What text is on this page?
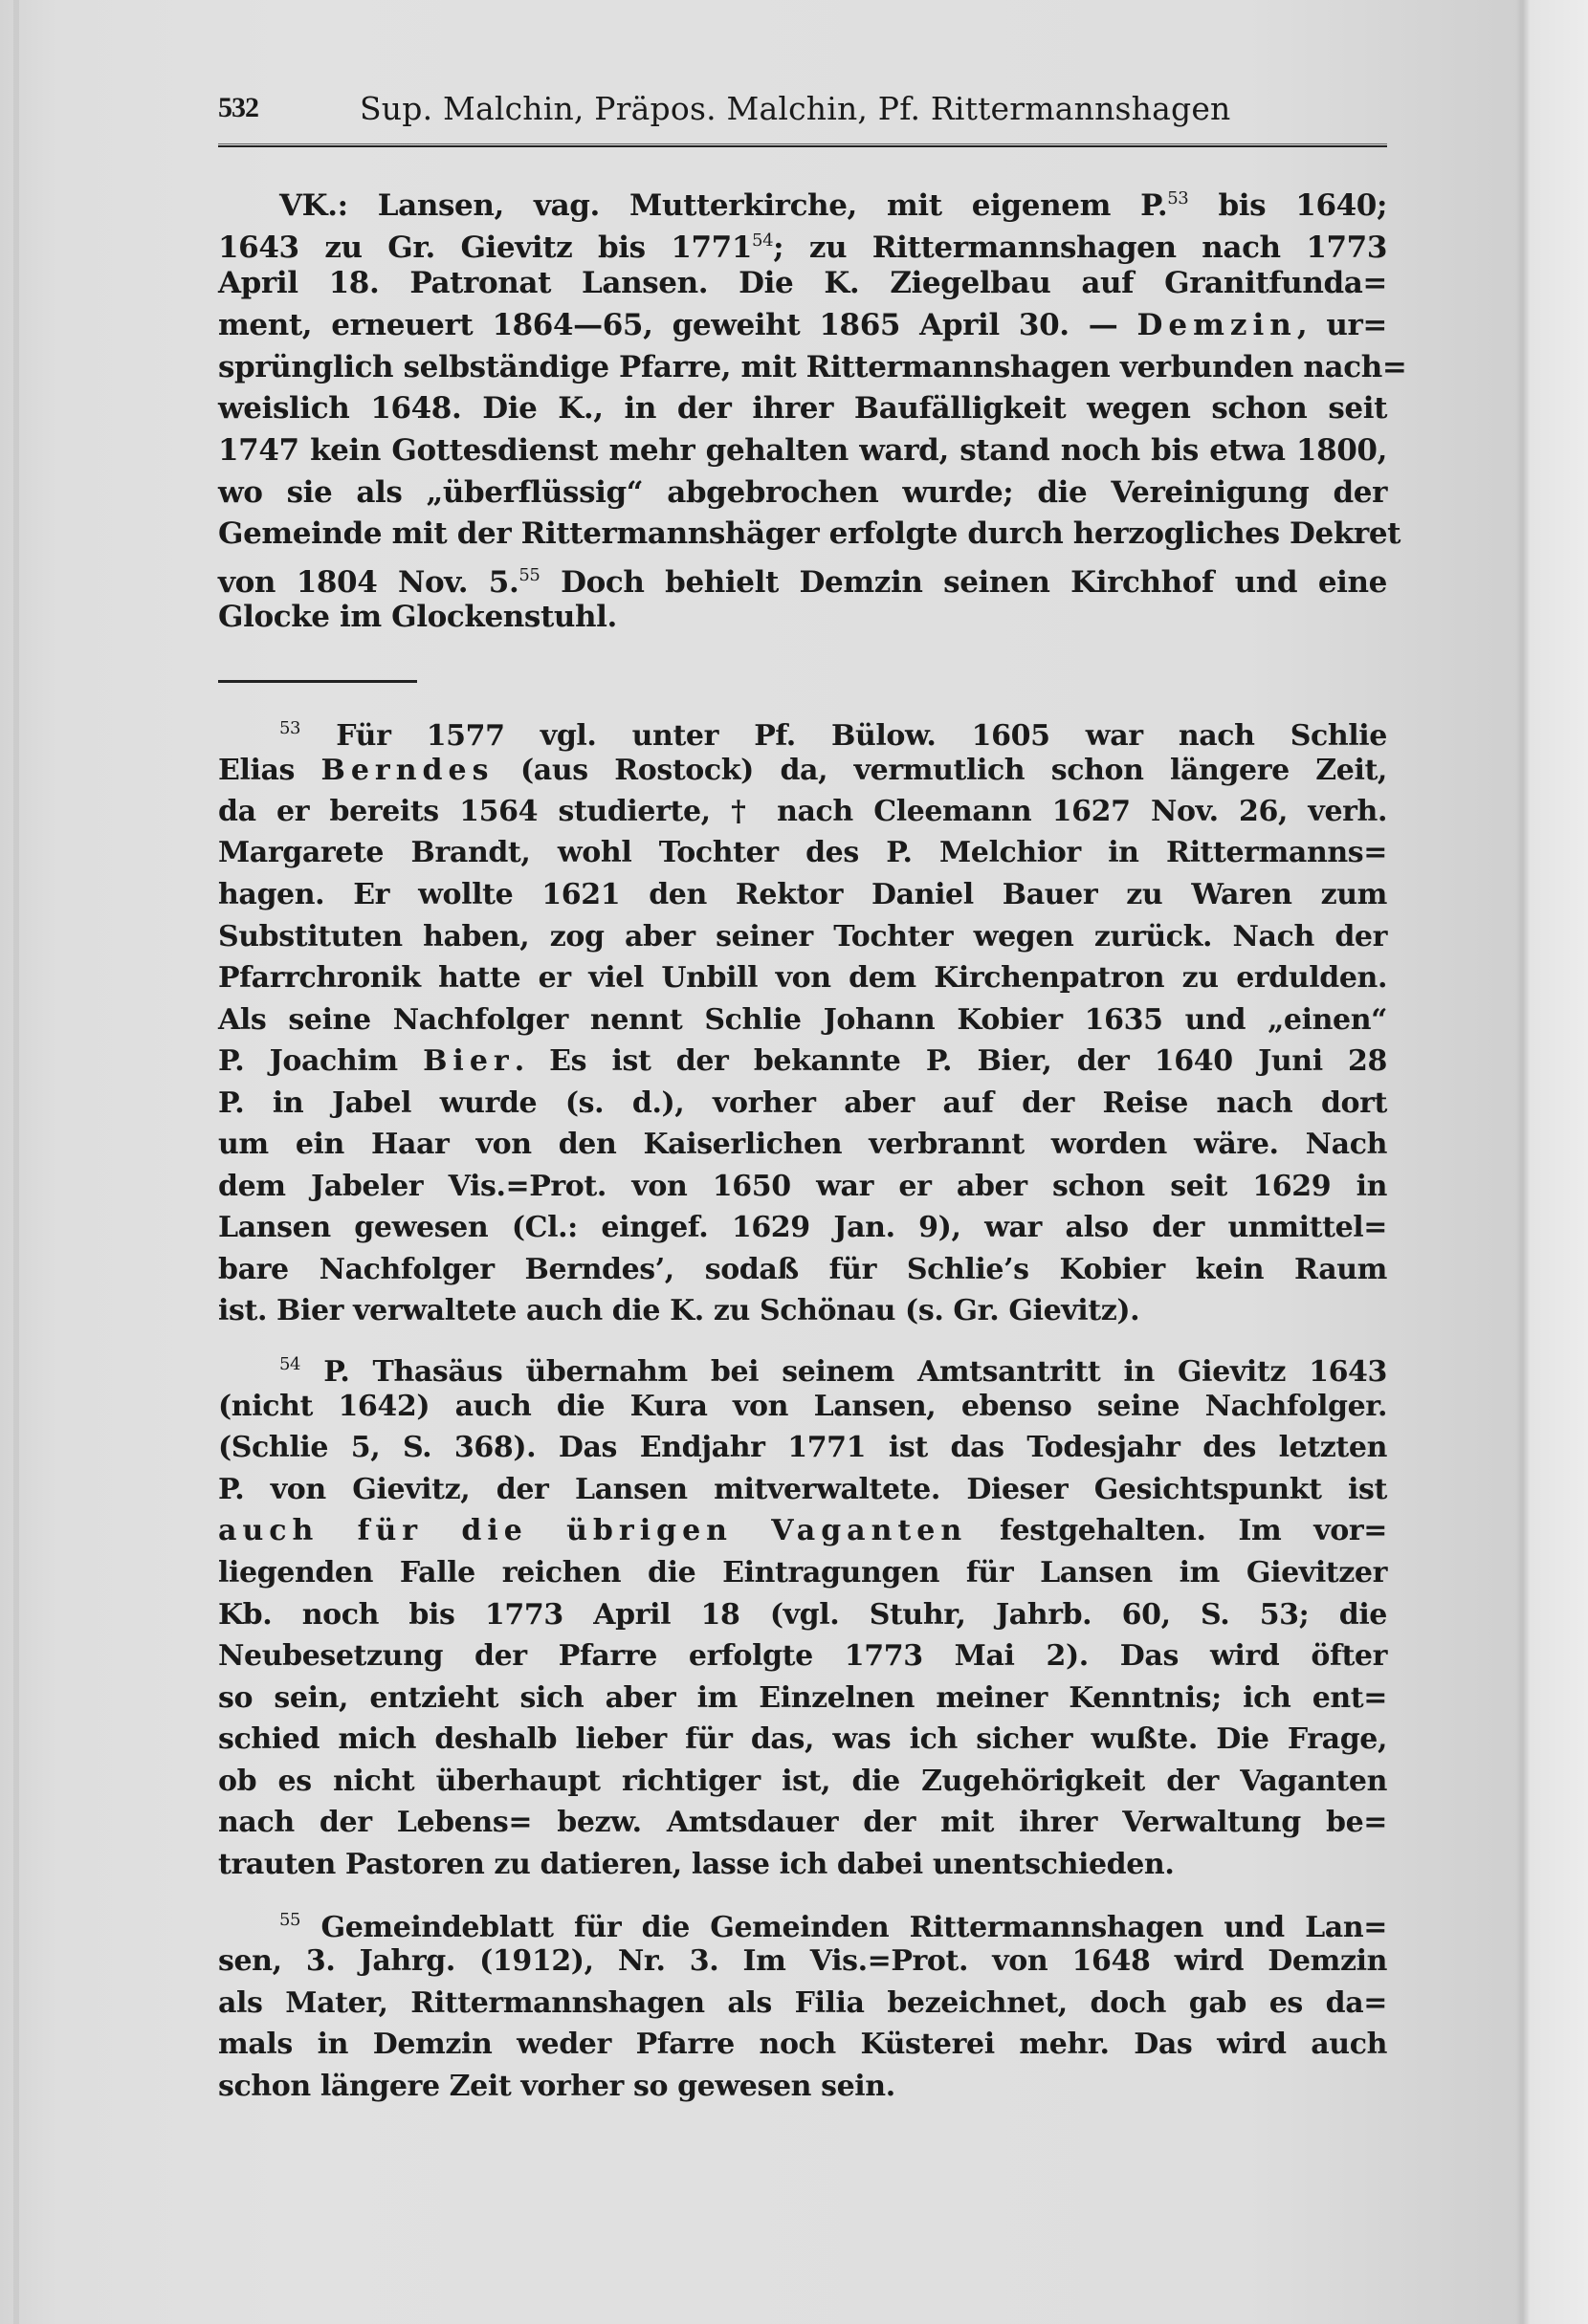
532	Sup. Malchin, Präpos. Malchin, Pf. Rittermannshagen
VK.: Lansen, vag. Mutterkirche, mit eigenem P.$^{53}$ bis 1640;
1643 zu Gr. Gievitz bis 1771$^{54}$; zu Rittermannshagen nach 1773
April 18. Patronat Lansen. Die K. Ziegelbau auf Granitfunda=
ment, erneuert 1864—65, geweiht 1865 April 30. — Demzin, ur=
sprünglich selbständige Pfarre, mit Rittermannshagen verbunden nach=
weislich 1648. Die K., in der ihrer Baufälligkeit wegen schon seit
1747 kein Gottesdienst mehr gehalten ward, stand noch bis etwa 1800,
wo sie als „überflüssig“ abgebrochen wurde; die Vereinigung der
Gemeinde mit der Rittermannshäger erfolgte durch herzogliches Dekret
von 1804 Nov. 5.55 Doch behielt Demzin seinen Kirchhof und eine
Glocke im Glockenstuhl.
$^{53}$ Für 1577 vgl. unter Pf. Bülow. 1605 war nach Schlie
Elias Berndes (aus Rostock) da, vermutlich schon längere Zeit,
da er bereits 1564 studierte, † nach Cleemann 1627 Nov. 26, verh.
Margarete Brandt, wohl Tochter des P. Melchior in Rittermanns=
hagen. Er wollte 1621 den Rektor Daniel Bauer zu Waren zum
Substituten haben, zog aber seiner Tochter wegen zurück. Nach der
Pfarrchronik hatte er viel Unbill von dem Kirchenpatron zu erdulden.
Als seine Nachfolger nennt Schlie Johann Kobier 1635 und „einen“
P. Joachim Bier. Es ist der bekannte P. Bier, der 1640 Juni 28
P. in Jabel wurde (s. d.), vorher aber auf der Reise nach dort
um ein Haar von den Kaiserlichen verbrannt worden wäre. Nach
dem Jabeler Vis.=Prot. von 1650 war er aber schon seit 1629 in
Lansen gewesen (Cl.: eingef. 1629 Jan. 9), war also der unmittel=
bare Nachfolger Berndes’, sodaß für Schlie’s Kobier kein Raum
ist. Bier verwaltete auch die K. zu Schönau (s. Gr. Gievitz).
$^{54}$ P. Thasäus übernahm bei seinem Amtsantritt in Gievitz 1643
(nicht 1642) auch die Kura von Lansen, ebenso seine Nachfolger.
(Schlie 5, S. 368). Das Endjahr 1771 ist das Todesjahr des letzten
P. von Gievitz, der Lansen mitverwaltete. Dieser Gesichtspunkt ist
auch für die übrigen Vaganten festgehalten. Im vor=
liegenden Falle reichen die Eintragungen für Lansen im Gievitzer
Kb. noch bis 1773 April 18 (vgl. Stuhr, Jahrb. 60, S. 53; die
Neubesetzung der Pfarre erfolgte 1773 Mai 2). Das wird öfter
so sein, entzieht sich aber im Einzelnen meiner Kenntnis; ich ent=
schied mich deshalb lieber für das, was ich sicher wußte. Die Frage,
ob es nicht überhaupt richtiger ist, die Zugehörigkeit der Vaganten
nach der Lebens= bezw. Amtsdauer der mit ihrer Verwaltung be=
trauten Pastoren zu datieren, lasse ich dabei unentschieden.
$^{55}$ Gemeindeblatt für die Gemeinden Rittermannshagen und Lan=
sen, 3. Jahrg. (1912), Nr. 3. Im Vis.=Prot. von 1648 wird Demzin
als Mater, Rittermannshagen als Filia bezeichnet, doch gab es da=
mals in Demzin weder Pfarre noch Küsterei mehr. Das wird auch
schon längere Zeit vorher so gewesen sein.
